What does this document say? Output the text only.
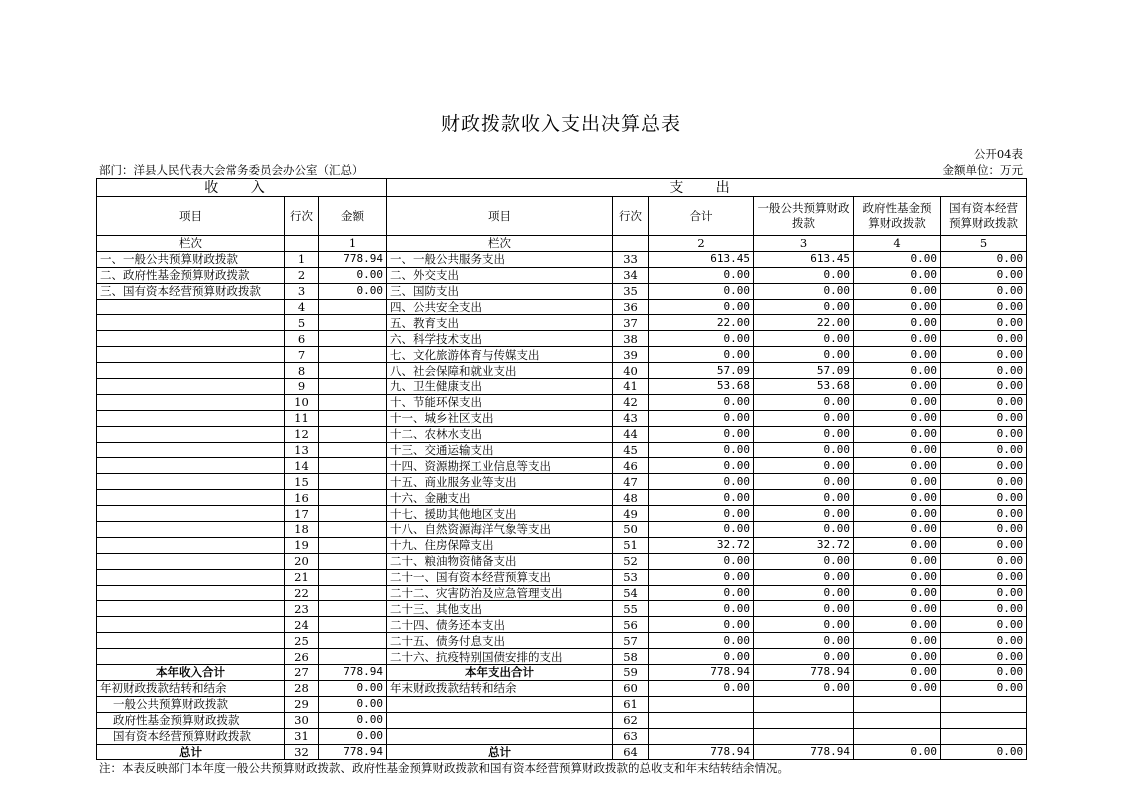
财政拨款收入支出决算总表
公开04表
部门：洋县人民代表大会常务委员会办公室（汇总）	金额单位：万元
收 入			支 出					
项目	行次	金额	项目	行次	合计	一般公共预算财政拨款	政府性基金预算财政拨款	国有资本经营预算财政拨款
栏次		1	栏次		2	3	4	5
一、一般公共预算财政拨款	1	778.94	一、一般公共服务支出	33	613.45	613.45	0.00	0.00
二、政府性基金预算财政拨款	2	0.00	二、外交支出	34	0.00	0.00	0.00	0.00
三、国有资本经营预算财政拨款	3	0.00	三、国防支出	35	0.00	0.00	0.00	0.00
	4		四、公共安全支出	36	0.00	0.00	0.00	0.00
	5		五、教育支出	37	22.00	22.00	0.00	0.00
	6		六、科学技术支出	38	0.00	0.00	0.00	0.00
	7		七、文化旅游体育与传媒支出	39	0.00	0.00	0.00	0.00
	8		八、社会保障和就业支出	40	57.09	57.09	0.00	0.00
	9		九、卫生健康支出	41	53.68	53.68	0.00	0.00
	10		十、节能环保支出	42	0.00	0.00	0.00	0.00
	11		十一、城乡社区支出	43	0.00	0.00	0.00	0.00
	12		十二、农林水支出	44	0.00	0.00	0.00	0.00
	13		十三、交通运输支出	45	0.00	0.00	0.00	0.00
	14		十四、资源勘探工业信息等支出	46	0.00	0.00	0.00	0.00
	15		十五、商业服务业等支出	47	0.00	0.00	0.00	0.00
	16		十六、金融支出	48	0.00	0.00	0.00	0.00
	17		十七、援助其他地区支出	49	0.00	0.00	0.00	0.00
	18		十八、自然资源海洋气象等支出	50	0.00	0.00	0.00	0.00
	19		十九、住房保障支出	51	32.72	32.72	0.00	0.00
	20		二十、粮油物资储备支出	52	0.00	0.00	0.00	0.00
	21		二十一、国有资本经营预算支出	53	0.00	0.00	0.00	0.00
	22		二十二、灾害防治及应急管理支出	54	0.00	0.00	0.00	0.00
	23		二十三、其他支出	55	0.00	0.00	0.00	0.00
	24		二十四、债务还本支出	56	0.00	0.00	0.00	0.00
	25		二十五、债务付息支出	57	0.00	0.00	0.00	0.00
	26		二十六、抗疫特别国债安排的支出	58	0.00	0.00	0.00	0.00
本年收入合计	27	778.94	本年支出合计	59	778.94	778.94	0.00	0.00
年初财政拨款结转和结余	28	0.00	年末财政拨款结转和结余	60	0.00	0.00	0.00	0.00
一般公共预算财政拨款	29	0.00		61				
政府性基金预算财政拨款	30	0.00		62				
国有资本经营预算财政拨款	31	0.00		63				
总计	32	778.94	总计	64	778.94	778.94	0.00	0.00
注：本表反映部门本年度一般公共预算财政拨款、政府性基金预算财政拨款和国有资本经营预算财政拨款的总收支和年末结转结余情况。
